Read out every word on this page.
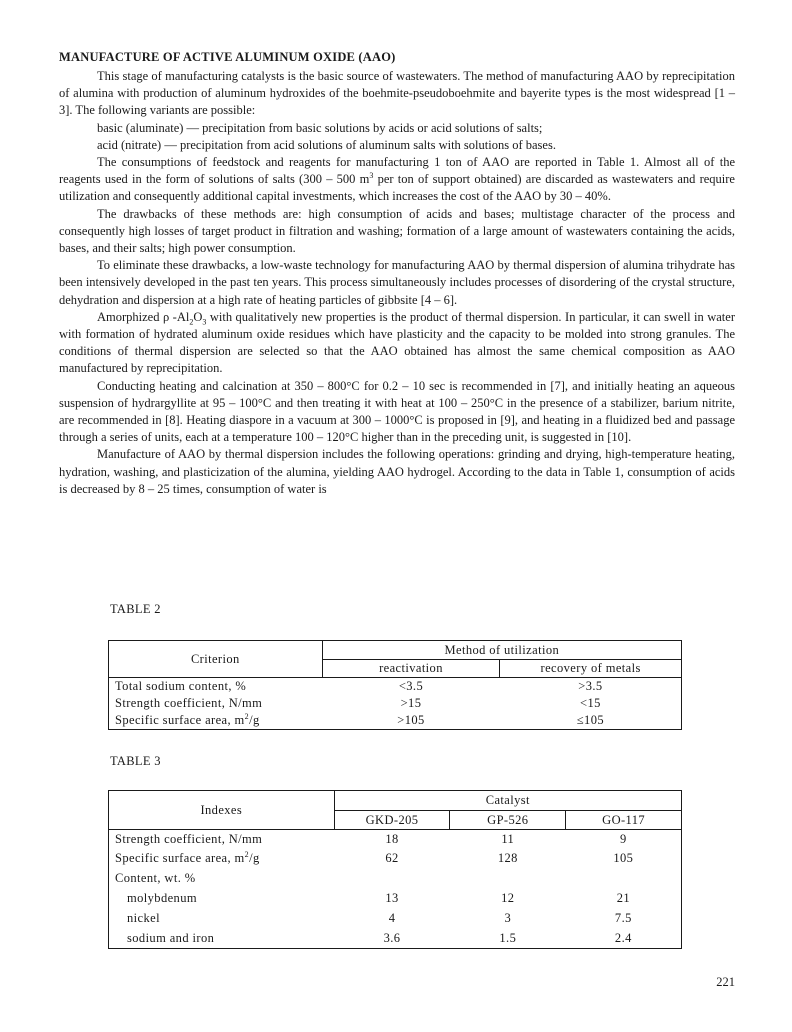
MANUFACTURE OF ACTIVE ALUMINUM OXIDE (AAO)

This stage of manufacturing catalysts is the basic source of wastewaters. The method of manufacturing AAO by reprecipitation of alumina with production of aluminum hydroxides of the boehmite-pseudoboehmite and bayerite types is the most widespread [1 – 3]. The following variants are possible:

basic (aluminate) — precipitation from basic solutions by acids or acid solutions of salts;

acid (nitrate) — precipitation from acid solutions of aluminum salts with solutions of bases.

The consumptions of feedstock and reagents for manufacturing 1 ton of AAO are reported in Table 1. Almost all of the reagents used in the form of solutions of salts (300 – 500 $m^3$ per ton of support obtained) are discarded as wastewaters and require utilization and consequently additional capital investments, which increases the cost of the AAO by 30 – 40%.

The drawbacks of these methods are: high consumption of acids and bases; multistage character of the process and consequently high losses of target product in filtration and washing; formation of a large amount of wastewaters containing the acids, bases, and their salts; high power consumption.

To eliminate these drawbacks, a low-waste technology for manufacturing AAO by thermal dispersion of alumina trihydrate has been intensively developed in the past ten years. This process simultaneously includes processes of disordering of the crystal structure, dehydration and dispersion at a high rate of heating particles of gibbsite [4 – 6].

Amorphized ρ $-Al_2O_3$ with qualitatively new properties is the product of thermal dispersion. In particular, it can swell in water with formation of hydrated aluminum oxide residues which have plasticity and the capacity to be molded into strong granules. The conditions of thermal dispersion are selected so that the AAO obtained has almost the same chemical composition as AAO manufactured by reprecipitation.

Conducting heating and calcination at 350 – 800°C for 0.2 – 10 sec is recommended in [7], and initially heating an aqueous suspension of hydrargyllite at 95 – 100°C and then treating it with heat at 100 – 250°C in the presence of a stabilizer, barium nitrite, are recommended in [8]. Heating diaspore in a vacuum at 300 – 1000°C is proposed in [9], and heating in a fluidized bed and passage through a series of units, each at a temperature 100 – 120°C higher than in the preceding unit, is suggested in [10].

Manufacture of AAO by thermal dispersion includes the following operations: grinding and drying, high-temperature heating, hydration, washing, and plasticization of the alumina, yielding AAO hydrogel. According to the data in Table 1, consumption of acids is decreased by 8 – 25 times, consumption of water is

TABLE 2
Criterion	Method of utilization	
	reactivation	recovery of metals
Total sodium content, %	<3.5	>3.5
Strength coefficient, N/mm	>15	<15
Specific surface area, $m^2/g$	>105	≤105
TABLE 3
Indexes	Catalyst		
	GKD-205	GP-526	GO-117
Strength coefficient, N/mm	18	11	9
Specific surface area, $m^2/g$	62	128	105
Content, wt. %			
molybdenum	13	12	21
nickel	4	3	7.5
sodium and iron	3.6	1.5	2.4
221
